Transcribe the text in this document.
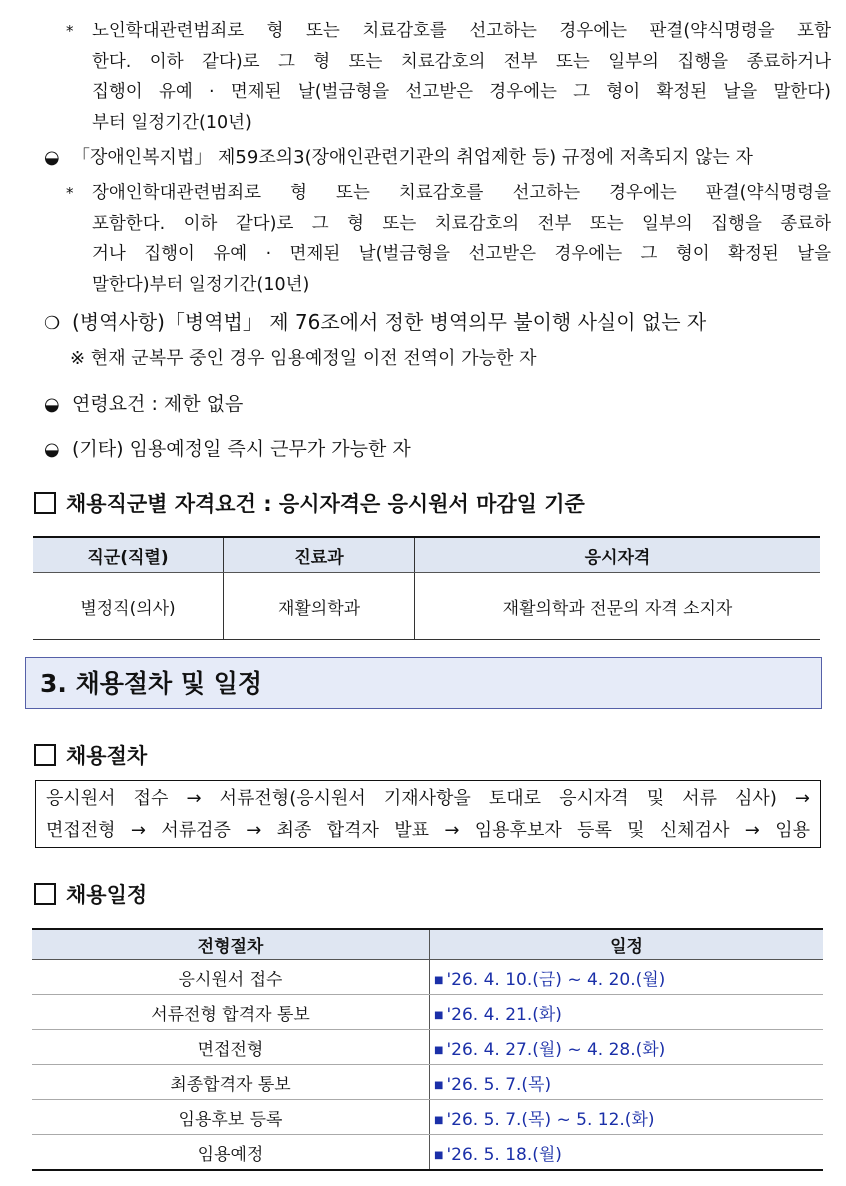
*	노인학대관련범죄로 형 또는 치료감호를 선고하는 경우에는 판결(약식명령을 포함
한다. 이하 같다)로 그 형 또는 치료감호의 전부 또는 일부의 집행을 종료하거나
집행이 유예 · 면제된 날(벌금형을 선고받은 경우에는 그 형이 확정된 날을 말한다)
부터 일정기간(10년)
◒ 「장애인복지법」 제59조의3(장애인관련기관의 취업제한 등) 규정에 저촉되지 않는 자
*	장애인학대관련범죄로 형 또는 치료감호를 선고하는 경우에는 판결(약식명령을
포함한다. 이하 같다)로 그 형 또는 치료감호의 전부 또는 일부의 집행을 종료하
거나 집행이 유예 · 면제된 날(벌금형을 선고받은 경우에는 그 형이 확정된 날을
말한다)부터 일정기간(10년)
❍ (병역사항)「병역법」 제 76조에서 정한 병역의무 불이행 사실이 없는 자
※ 현재 군복무 중인 경우 임용예정일 이전 전역이 가능한 자
◒ 연령요건 : 제한 없음
◒ (기타) 임용예정일 즉시 근무가 가능한 자
채용직군별 자격요건 : 응시자격은 응시원서 마감일 기준
직군(직렬)	진료과	응시자격
별정직(의사)	재활의학과	재활의학과 전문의 자격 소지자
3. 채용절차 및 일정
채용절차
응시원서 접수 → 서류전형(응시원서 기재사항을 토대로 응시자격 및 서류 심사) →
면접전형 → 서류검증 → 최종 합격자 발표 → 임용후보자 등록 및 신체검사 → 임용
채용일정
전형절차	일정
응시원서 접수	■ '26. 4. 10.(금) ~ 4. 20.(월)
서류전형 합격자 통보	■ '26. 4. 21.(화)
면접전형	■ '26. 4. 27.(월) ~ 4. 28.(화)
최종합격자 통보	■ '26. 5. 7.(목)
임용후보 등록	■ '26. 5. 7.(목) ~ 5. 12.(화)
임용예정	■ '26. 5. 18.(월)
